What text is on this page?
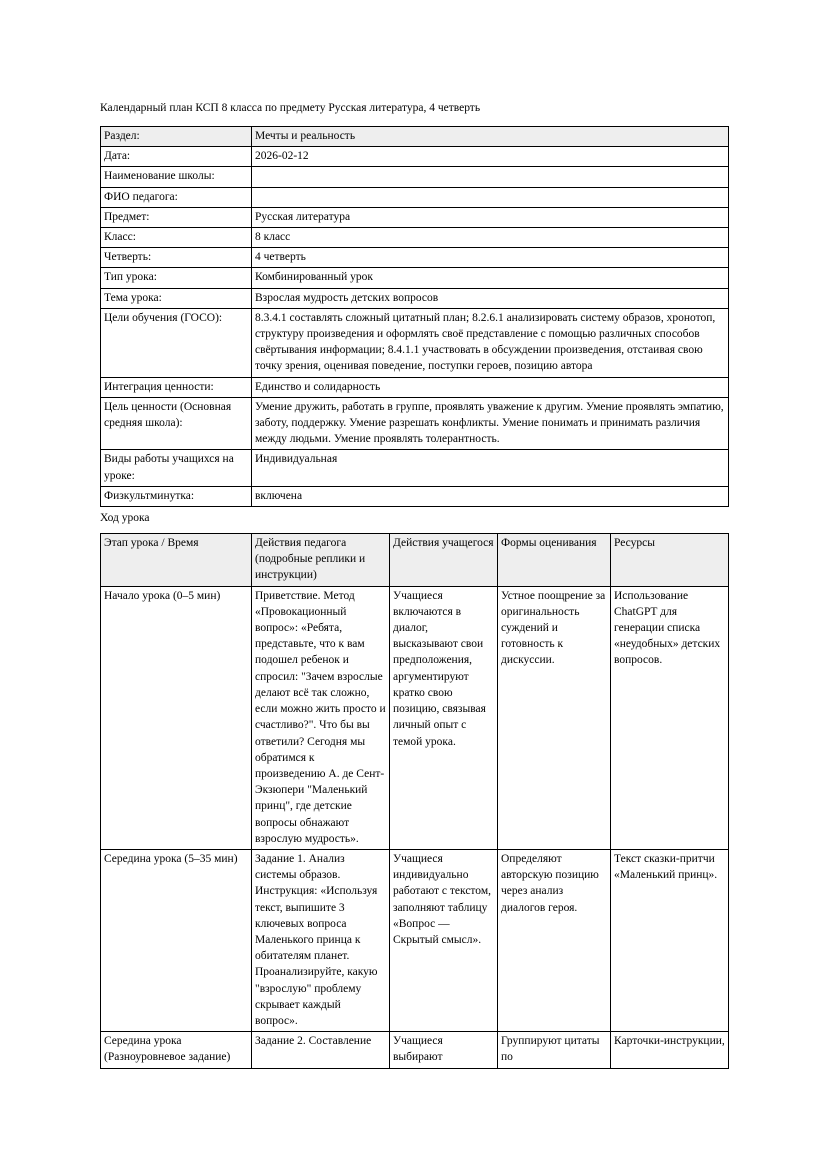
Календарный план КСП 8 класса по предмету Русская литература, 4 четверть

Раздел:	Мечты и реальность
Дата:	2026-02-12
Наименование школы:	
ФИО педагога:	
Предмет:	Русская литература
Класс:	8 класс
Четверть:	4 четверть
Тип урока:	Комбинированный урок
Тема урока:	Взрослая мудрость детских вопросов
Цели обучения (ГОСО):	8.3.4.1 составлять сложный цитатный план; 8.2.6.1 анализировать систему образов, хронотоп, структуру произведения и оформлять своё представление с помощью различных способов свёртывания информации; 8.4.1.1 участвовать в обсуждении произведения, отстаивая свою точку зрения, оценивая поведение, поступки героев, позицию автора
Интеграция ценности:	Единство и солидарность
Цель ценности (Основная средняя школа):	Умение дружить, работать в группе, проявлять уважение к другим. Умение проявлять эмпатию, заботу, поддержку. Умение разрешать конфликты. Умение понимать и принимать различия между людьми. Умение проявлять толерантность.
Виды работы учащихся на уроке:	Индивидуальная
Физкультминутка:	включена

Ход урока

Этап урока / Время	Действия педагога (подробные реплики и инструкции)	Действия учащегося	Формы оценивания	Ресурсы
Начало урока (0–5 мин)	Приветствие. Метод «Провокационный вопрос»: «Ребята, представьте, что к вам подошел ребенок и спросил: "Зачем взрослые делают всё так сложно, если можно жить просто и счастливо?". Что бы вы ответили? Сегодня мы обратимся к произведению А. де Сент-Экзюпери "Маленький принц", где детские вопросы обнажают взрослую мудрость».	Учащиеся включаются в диалог, высказывают свои предположения, аргументируют кратко свою позицию, связывая личный опыт с темой урока.	Устное поощрение за оригинальность суждений и готовность к дискуссии.	Использование ChatGPT для генерации списка «неудобных» детских вопросов.
Середина урока (5–35 мин)	Задание 1. Анализ системы образов. Инструкция: «Используя текст, выпишите 3 ключевых вопроса Маленького принца к обитателям планет. Проанализируйте, какую "взрослую" проблему скрывает каждый вопрос».	Учащиеся индивидуально работают с текстом, заполняют таблицу «Вопрос — Скрытый смысл».	Определяют авторскую позицию через анализ диалогов героя.	Текст сказки-притчи «Маленький принц».
Середина урока (Разноуровневое задание)	Задание 2. Составление	Учащиеся выбирают	Группируют цитаты по	Карточки-инструкции,
